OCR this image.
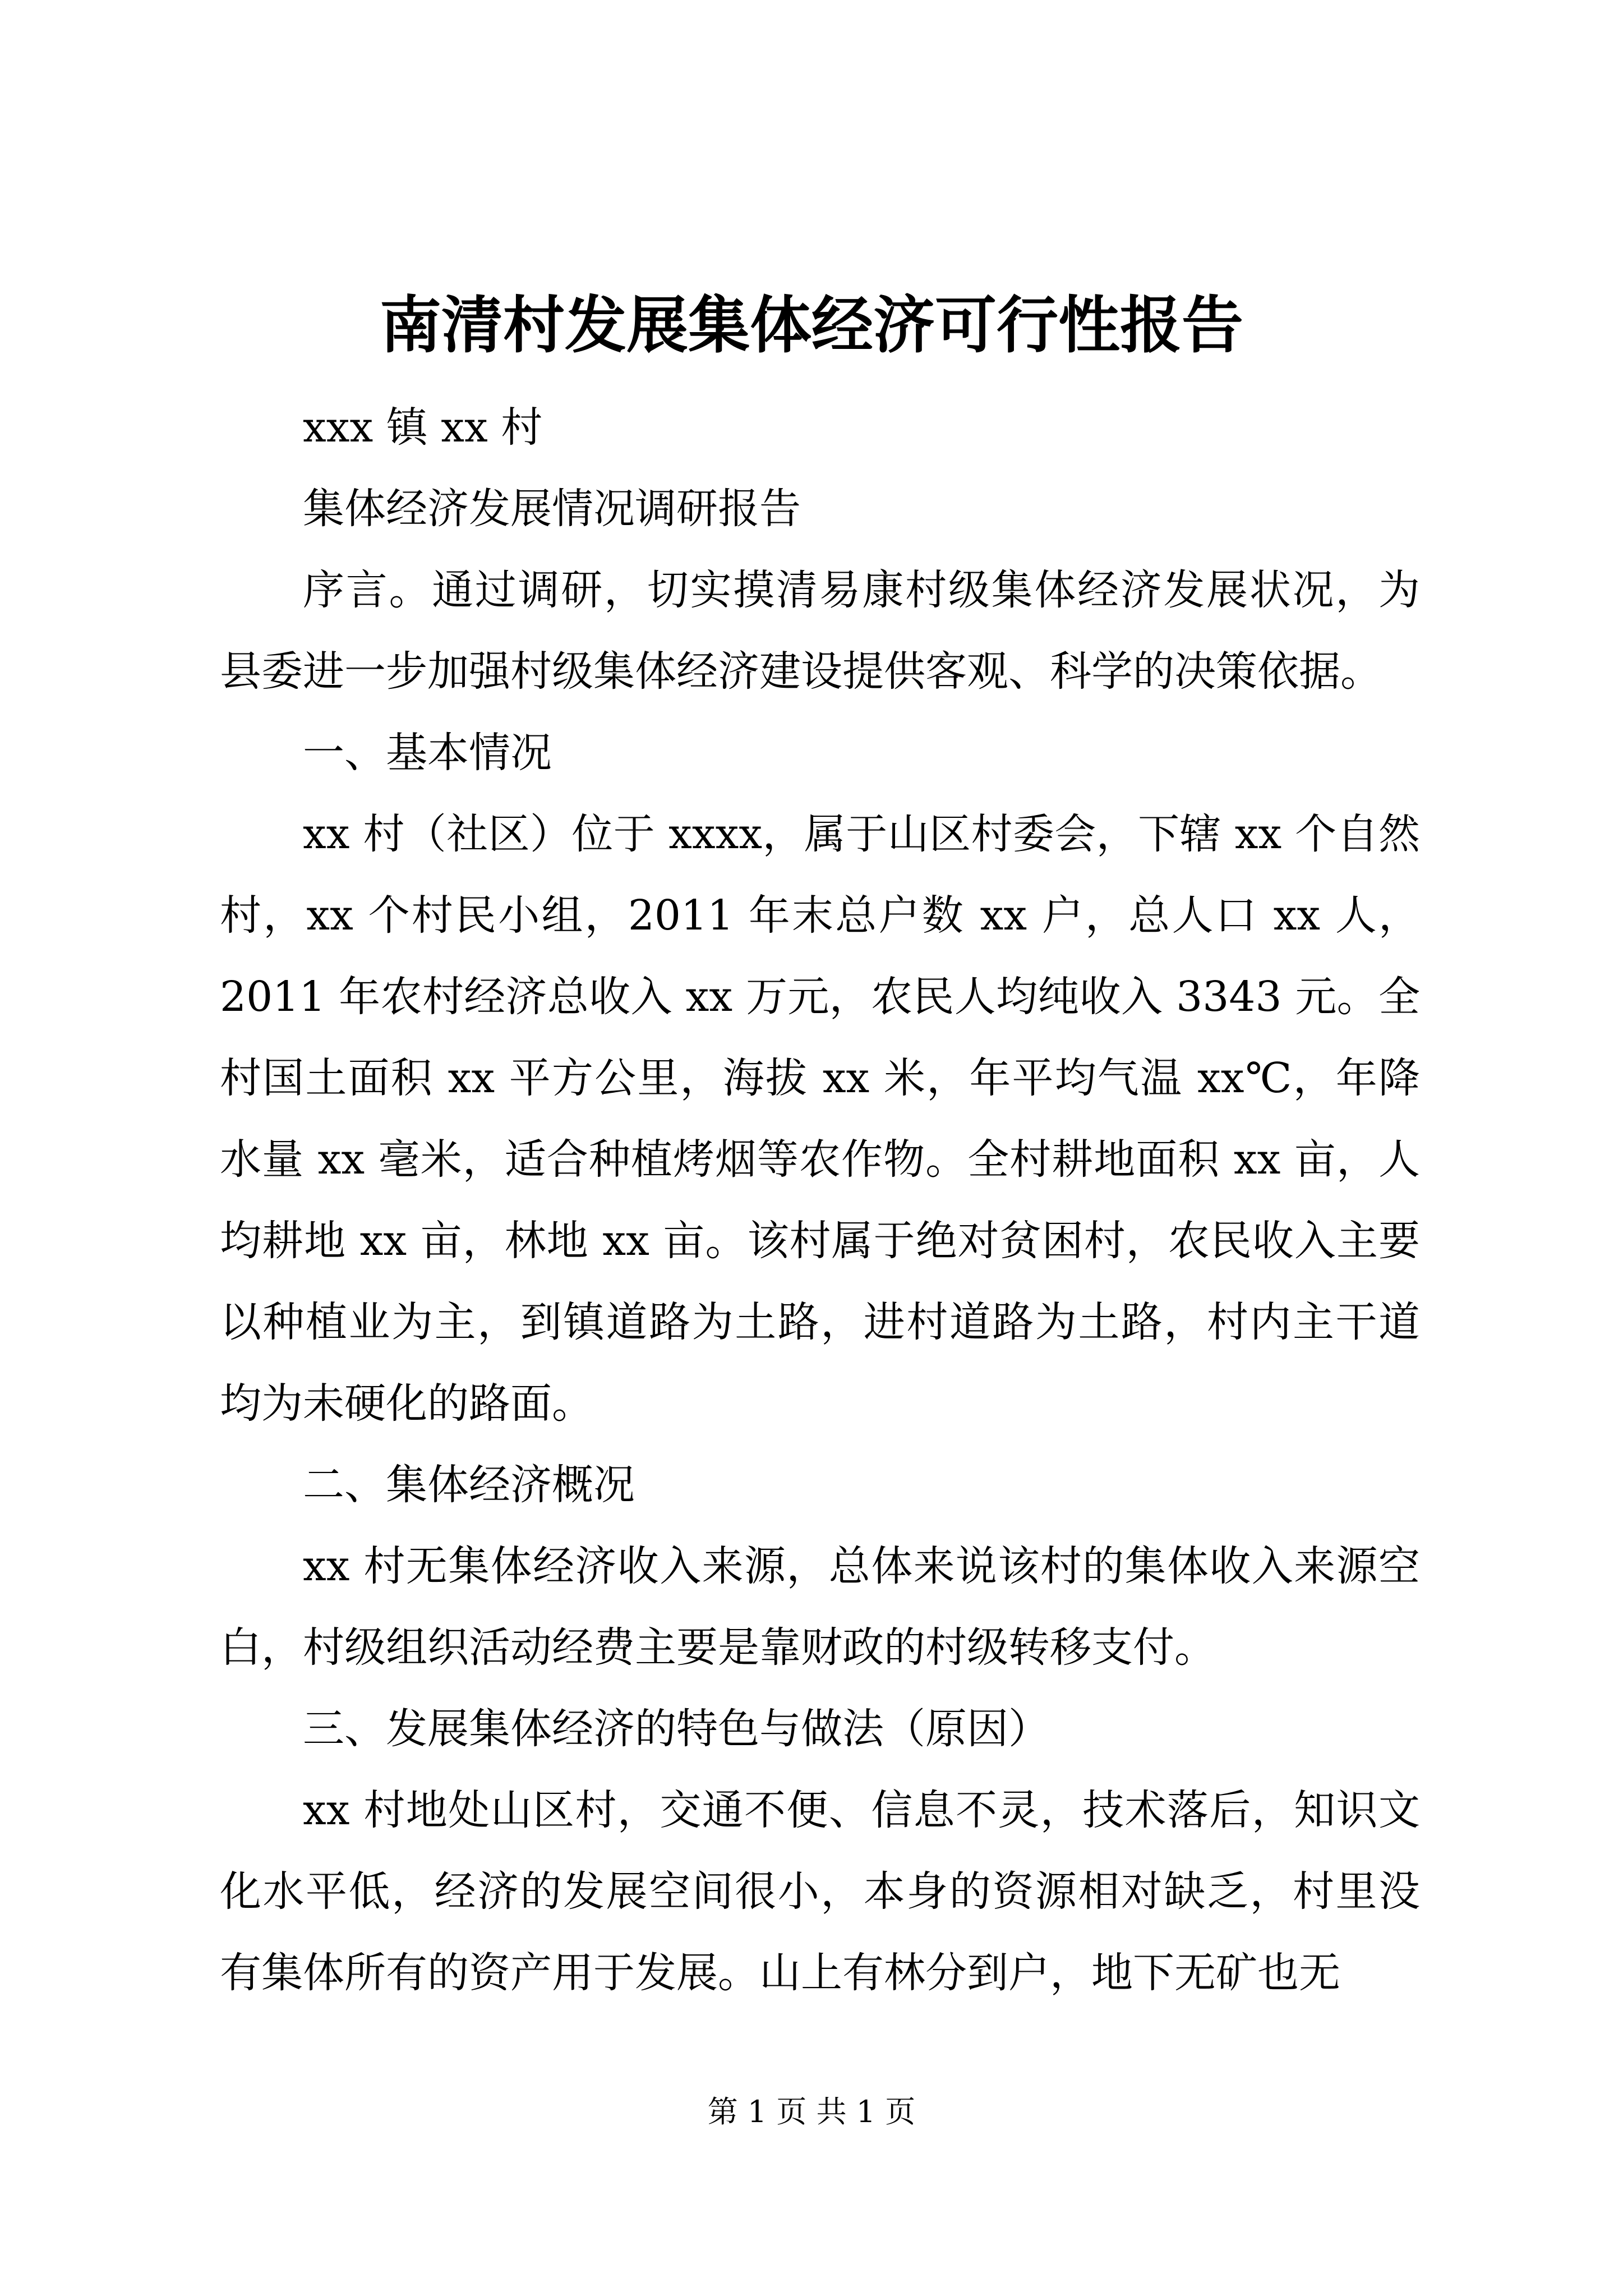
南清村发展集体经济可行性报告

xxx 镇 xx 村

集体经济发展情况调研报告

序言。通过调研，切实摸清易康村级集体经济发展状况，为县委进一步加强村级集体经济建设提供客观、科学的决策依据。

一、基本情况

xx 村（社区）位于 xxxx，属于山区村委会，下辖 xx 个自然村，xx 个村民小组，2011 年末总户数 xx 户，总人口 xx 人，2011 年农村经济总收入 xx 万元，农民人均纯收入 3343 元。全村国土面积 xx 平方公里，海拔 xx 米，年平均气温 xx℃，年降水量 xx 毫米，适合种植烤烟等农作物。全村耕地面积 xx 亩，人均耕地 xx 亩，林地 xx 亩。该村属于绝对贫困村，农民收入主要以种植业为主，到镇道路为土路，进村道路为土路，村内主干道均为未硬化的路面。

二、集体经济概况

xx 村无集体经济收入来源，总体来说该村的集体收入来源空白，村级组织活动经费主要是靠财政的村级转移支付。

三、发展集体经济的特色与做法（原因）

xx 村地处山区村，交通不便、信息不灵，技术落后，知识文化水平低，经济的发展空间很小，本身的资源相对缺乏，村里没有集体所有的资产用于发展。山上有林分到户，地下无矿也无

第 1 页 共 1 页
